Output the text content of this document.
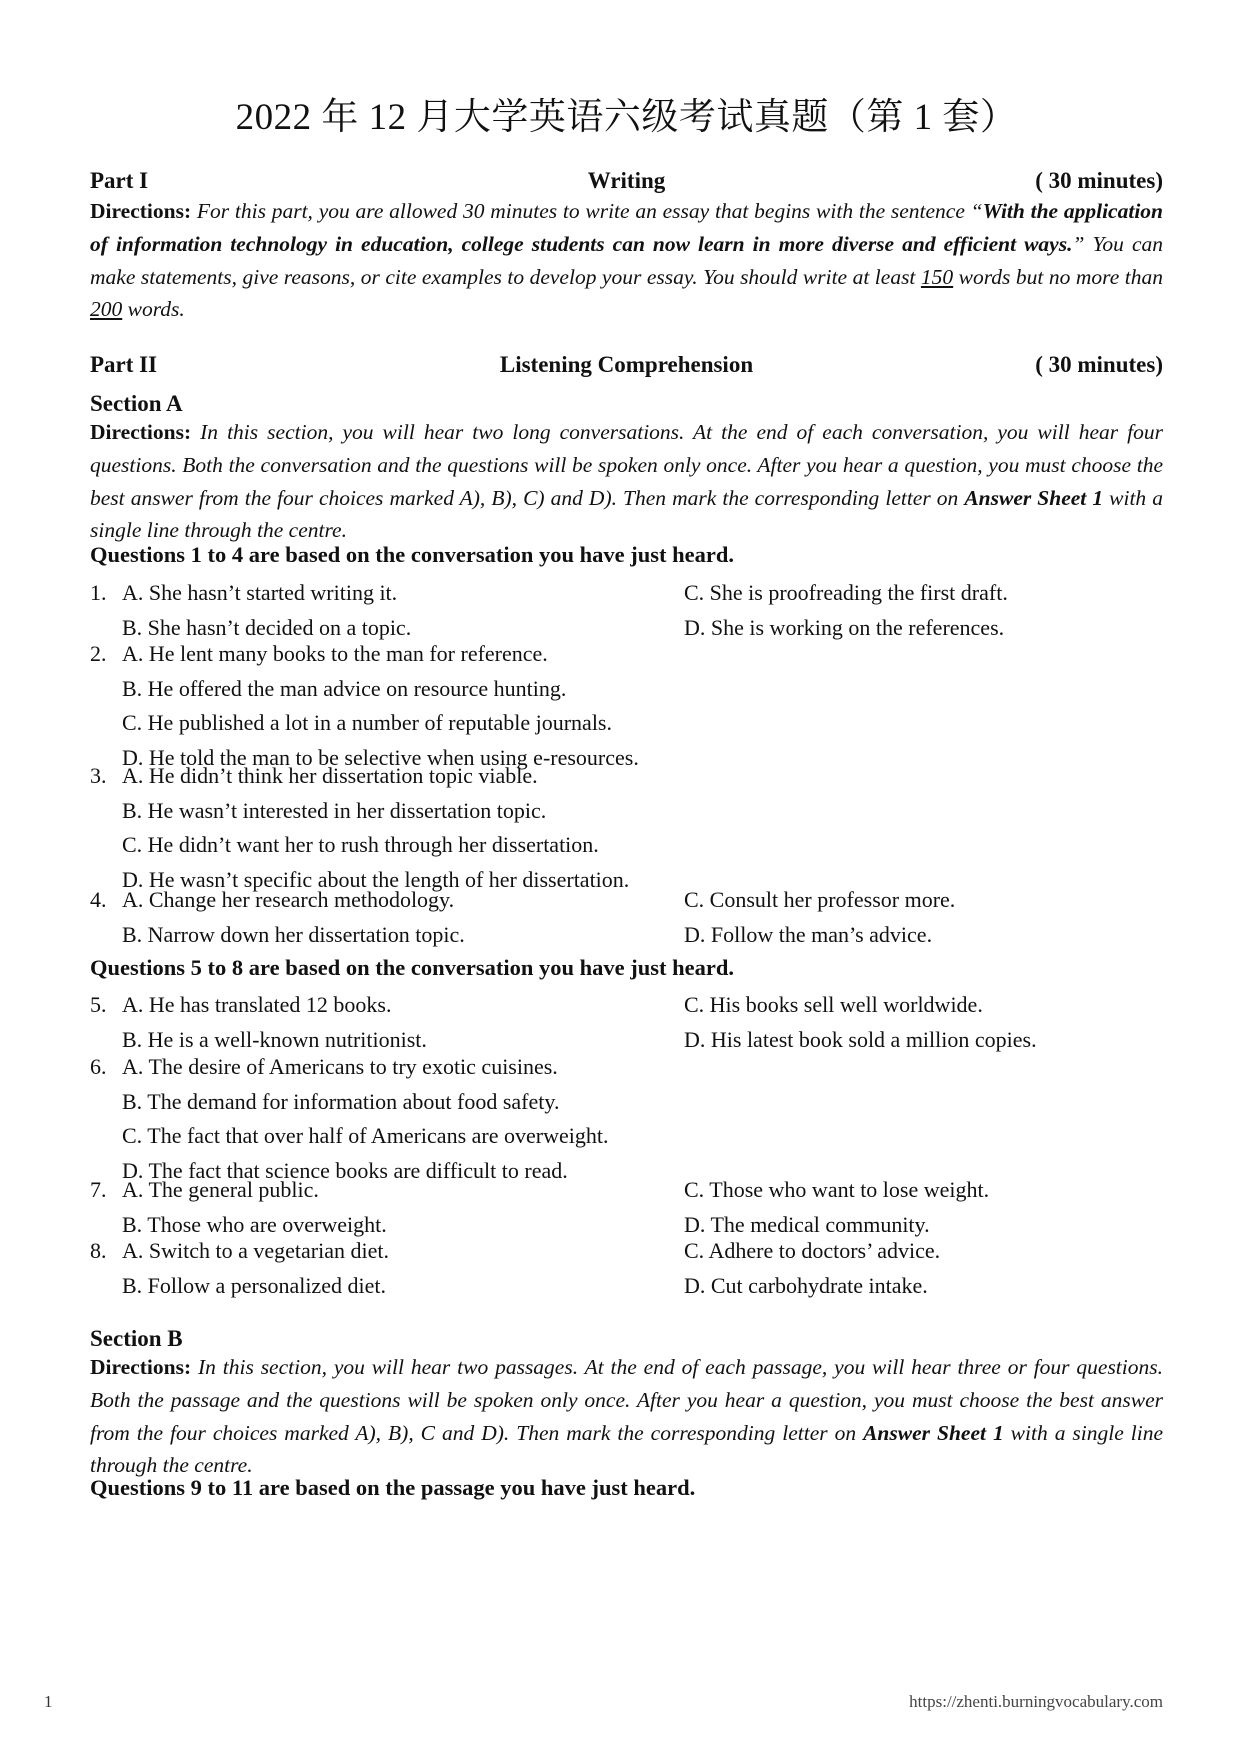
2022 年 12 月大学英语六级考试真题（第 1 套）
Part I	Writing	( 30 minutes)
Directions: For this part, you are allowed 30 minutes to write an essay that begins with the sentence “With the application of information technology in education, college students can now learn in more diverse and efficient ways.” You can make statements, give reasons, or cite examples to develop your essay. You should write at least 150 words but no more than 200 words.
Part II	Listening Comprehension	( 30 minutes)
Section A
Directions: In this section, you will hear two long conversations. At the end of each conversation, you will hear four questions. Both the conversation and the questions will be spoken only once. After you hear a question, you must choose the best answer from the four choices marked A), B), C) and D). Then mark the corresponding letter on Answer Sheet 1 with a single line through the centre.
Questions 1 to 4 are based on the conversation you have just heard.
1. A. She hasn’t started writing it.	C. She is proofreading the first draft.
B. She hasn’t decided on a topic.	D. She is working on the references.
2. A. He lent many books to the man for reference.
B. He offered the man advice on resource hunting.
C. He published a lot in a number of reputable journals.
D. He told the man to be selective when using e-resources.
3. A. He didn’t think her dissertation topic viable.
B. He wasn’t interested in her dissertation topic.
C. He didn’t want her to rush through her dissertation.
D. He wasn’t specific about the length of her dissertation.
4. A. Change her research methodology.	C. Consult her professor more.
B. Narrow down her dissertation topic.	D. Follow the man’s advice.
Questions 5 to 8 are based on the conversation you have just heard.
5. A. He has translated 12 books.	C. His books sell well worldwide.
B. He is a well-known nutritionist.	D. His latest book sold a million copies.
6. A. The desire of Americans to try exotic cuisines.
B. The demand for information about food safety.
C. The fact that over half of Americans are overweight.
D. The fact that science books are difficult to read.
7. A. The general public.	C. Those who want to lose weight.
B. Those who are overweight.	D. The medical community.
8. A. Switch to a vegetarian diet.	C. Adhere to doctors’ advice.
B. Follow a personalized diet.	D. Cut carbohydrate intake.
Section B
Directions: In this section, you will hear two passages. At the end of each passage, you will hear three or four questions. Both the passage and the questions will be spoken only once. After you hear a question, you must choose the best answer from the four choices marked A), B), C and D). Then mark the corresponding letter on Answer Sheet 1 with a single line through the centre.
Questions 9 to 11 are based on the passage you have just heard.
1	https://zhenti.burningvocabulary.com
